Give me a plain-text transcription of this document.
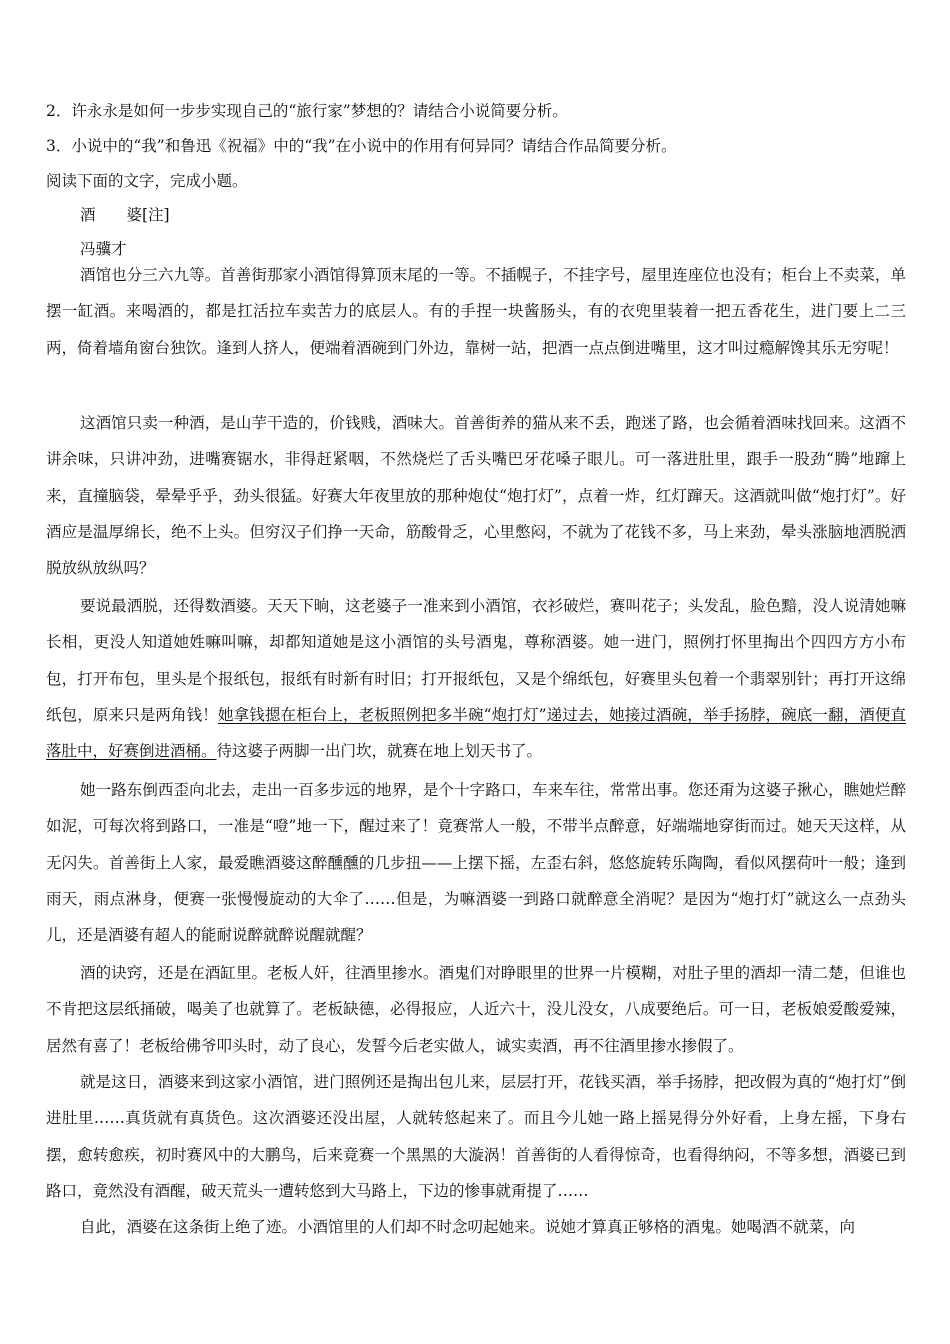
2．许永永是如何一步步实现自己的“旅行家”梦想的？请结合小说简要分析。
3．小说中的“我”和鲁迅《祝福》中的“我”在小说中的作用有何异同？请结合作品简要分析。
阅读下面的文字，完成小题。
酒　　婆[注]
冯骥才

酒馆也分三六九等。首善街那家小酒馆得算顶末尾的一等。不插幌子，不挂字号，屋里连座位也没有；柜台上不卖菜，单摆一缸酒。来喝酒的，都是扛活拉车卖苦力的底层人。有的手捏一块酱肠头，有的衣兜里装着一把五香花生，进门要上二三两，倚着墙角窗台独饮。逢到人挤人，便端着酒碗到门外边，靠树一站，把酒一点点倒进嘴里，这才叫过瘾解馋其乐无穷呢！

这酒馆只卖一种酒，是山芋干造的，价钱贱，酒味大。首善街养的猫从来不丢，跑迷了路，也会循着酒味找回来。这酒不讲余味，只讲冲劲，进嘴赛锯水，非得赶紧咽，不然烧烂了舌头嘴巴牙花嗓子眼儿。可一落进肚里，跟手一股劲“腾”地蹿上来，直撞脑袋，晕晕乎乎，劲头很猛。好赛大年夜里放的那种炮仗“炮打灯”，点着一炸，红灯蹿天。这酒就叫做“炮打灯”。好酒应是温厚绵长，绝不上头。但穷汉子们挣一天命，筋酸骨乏，心里憋闷，不就为了花钱不多，马上来劲，晕头涨脑地洒脱洒脱放纵放纵吗？

要说最洒脱，还得数酒婆。天天下晌，这老婆子一准来到小酒馆，衣衫破烂，赛叫花子；头发乱，脸色黯，没人说清她嘛长相，更没人知道她姓嘛叫嘛，却都知道她是这小酒馆的头号酒鬼，尊称酒婆。她一进门，照例打怀里掏出个四四方方小布包，打开布包，里头是个报纸包，报纸有时新有时旧；打开报纸包，又是个绵纸包，好赛里头包着一个翡翠别针；再打开这绵纸包，原来只是两角钱！她拿钱摁在柜台上，老板照例把多半碗“炮打灯”递过去，她接过酒碗，举手扬脖，碗底一翻，酒便直落肚中，好赛倒进酒桶。待这婆子两脚一出门坎，就赛在地上划天书了。

她一路东倒西歪向北去，走出一百多步远的地界，是个十字路口，车来车往，常常出事。您还甭为这婆子揪心，瞧她烂醉如泥，可每次将到路口，一准是“噔”地一下，醒过来了！竟赛常人一般，不带半点醉意，好端端地穿街而过。她天天这样，从无闪失。首善街上人家，最爱瞧酒婆这醉醺醺的几步扭——上摆下摇，左歪右斜，悠悠旋转乐陶陶，看似风摆荷叶一般；逢到雨天，雨点淋身，便赛一张慢慢旋动的大伞了……但是，为嘛酒婆一到路口就醉意全消呢？是因为“炮打灯”就这么一点劲头儿，还是酒婆有超人的能耐说醉就醉说醒就醒？

酒的诀窍，还是在酒缸里。老板人奸，往酒里掺水。酒鬼们对睁眼里的世界一片模糊，对肚子里的酒却一清二楚，但谁也不肯把这层纸捅破，喝美了也就算了。老板缺德，必得报应，人近六十，没儿没女，八成要绝后。可一日，老板娘爱酸爱辣，居然有喜了！老板给佛爷叩头时，动了良心，发誓今后老实做人，诚实卖酒，再不往酒里掺水掺假了。

就是这日，酒婆来到这家小酒馆，进门照例还是掏出包儿来，层层打开，花钱买酒，举手扬脖，把改假为真的“炮打灯”倒进肚里……真货就有真货色。这次酒婆还没出屋，人就转悠起来了。而且今儿她一路上摇晃得分外好看，上身左摇，下身右摆，愈转愈疾，初时赛风中的大鹏鸟，后来竟赛一个黑黑的大漩涡！首善街的人看得惊奇，也看得纳闷，不等多想，酒婆已到路口，竟然没有酒醒，破天荒头一遭转悠到大马路上，下边的惨事就甭提了……

自此，酒婆在这条街上绝了迹。小酒馆里的人们却不时念叨起她来。说她才算真正够格的酒鬼。她喝酒不就菜，向
